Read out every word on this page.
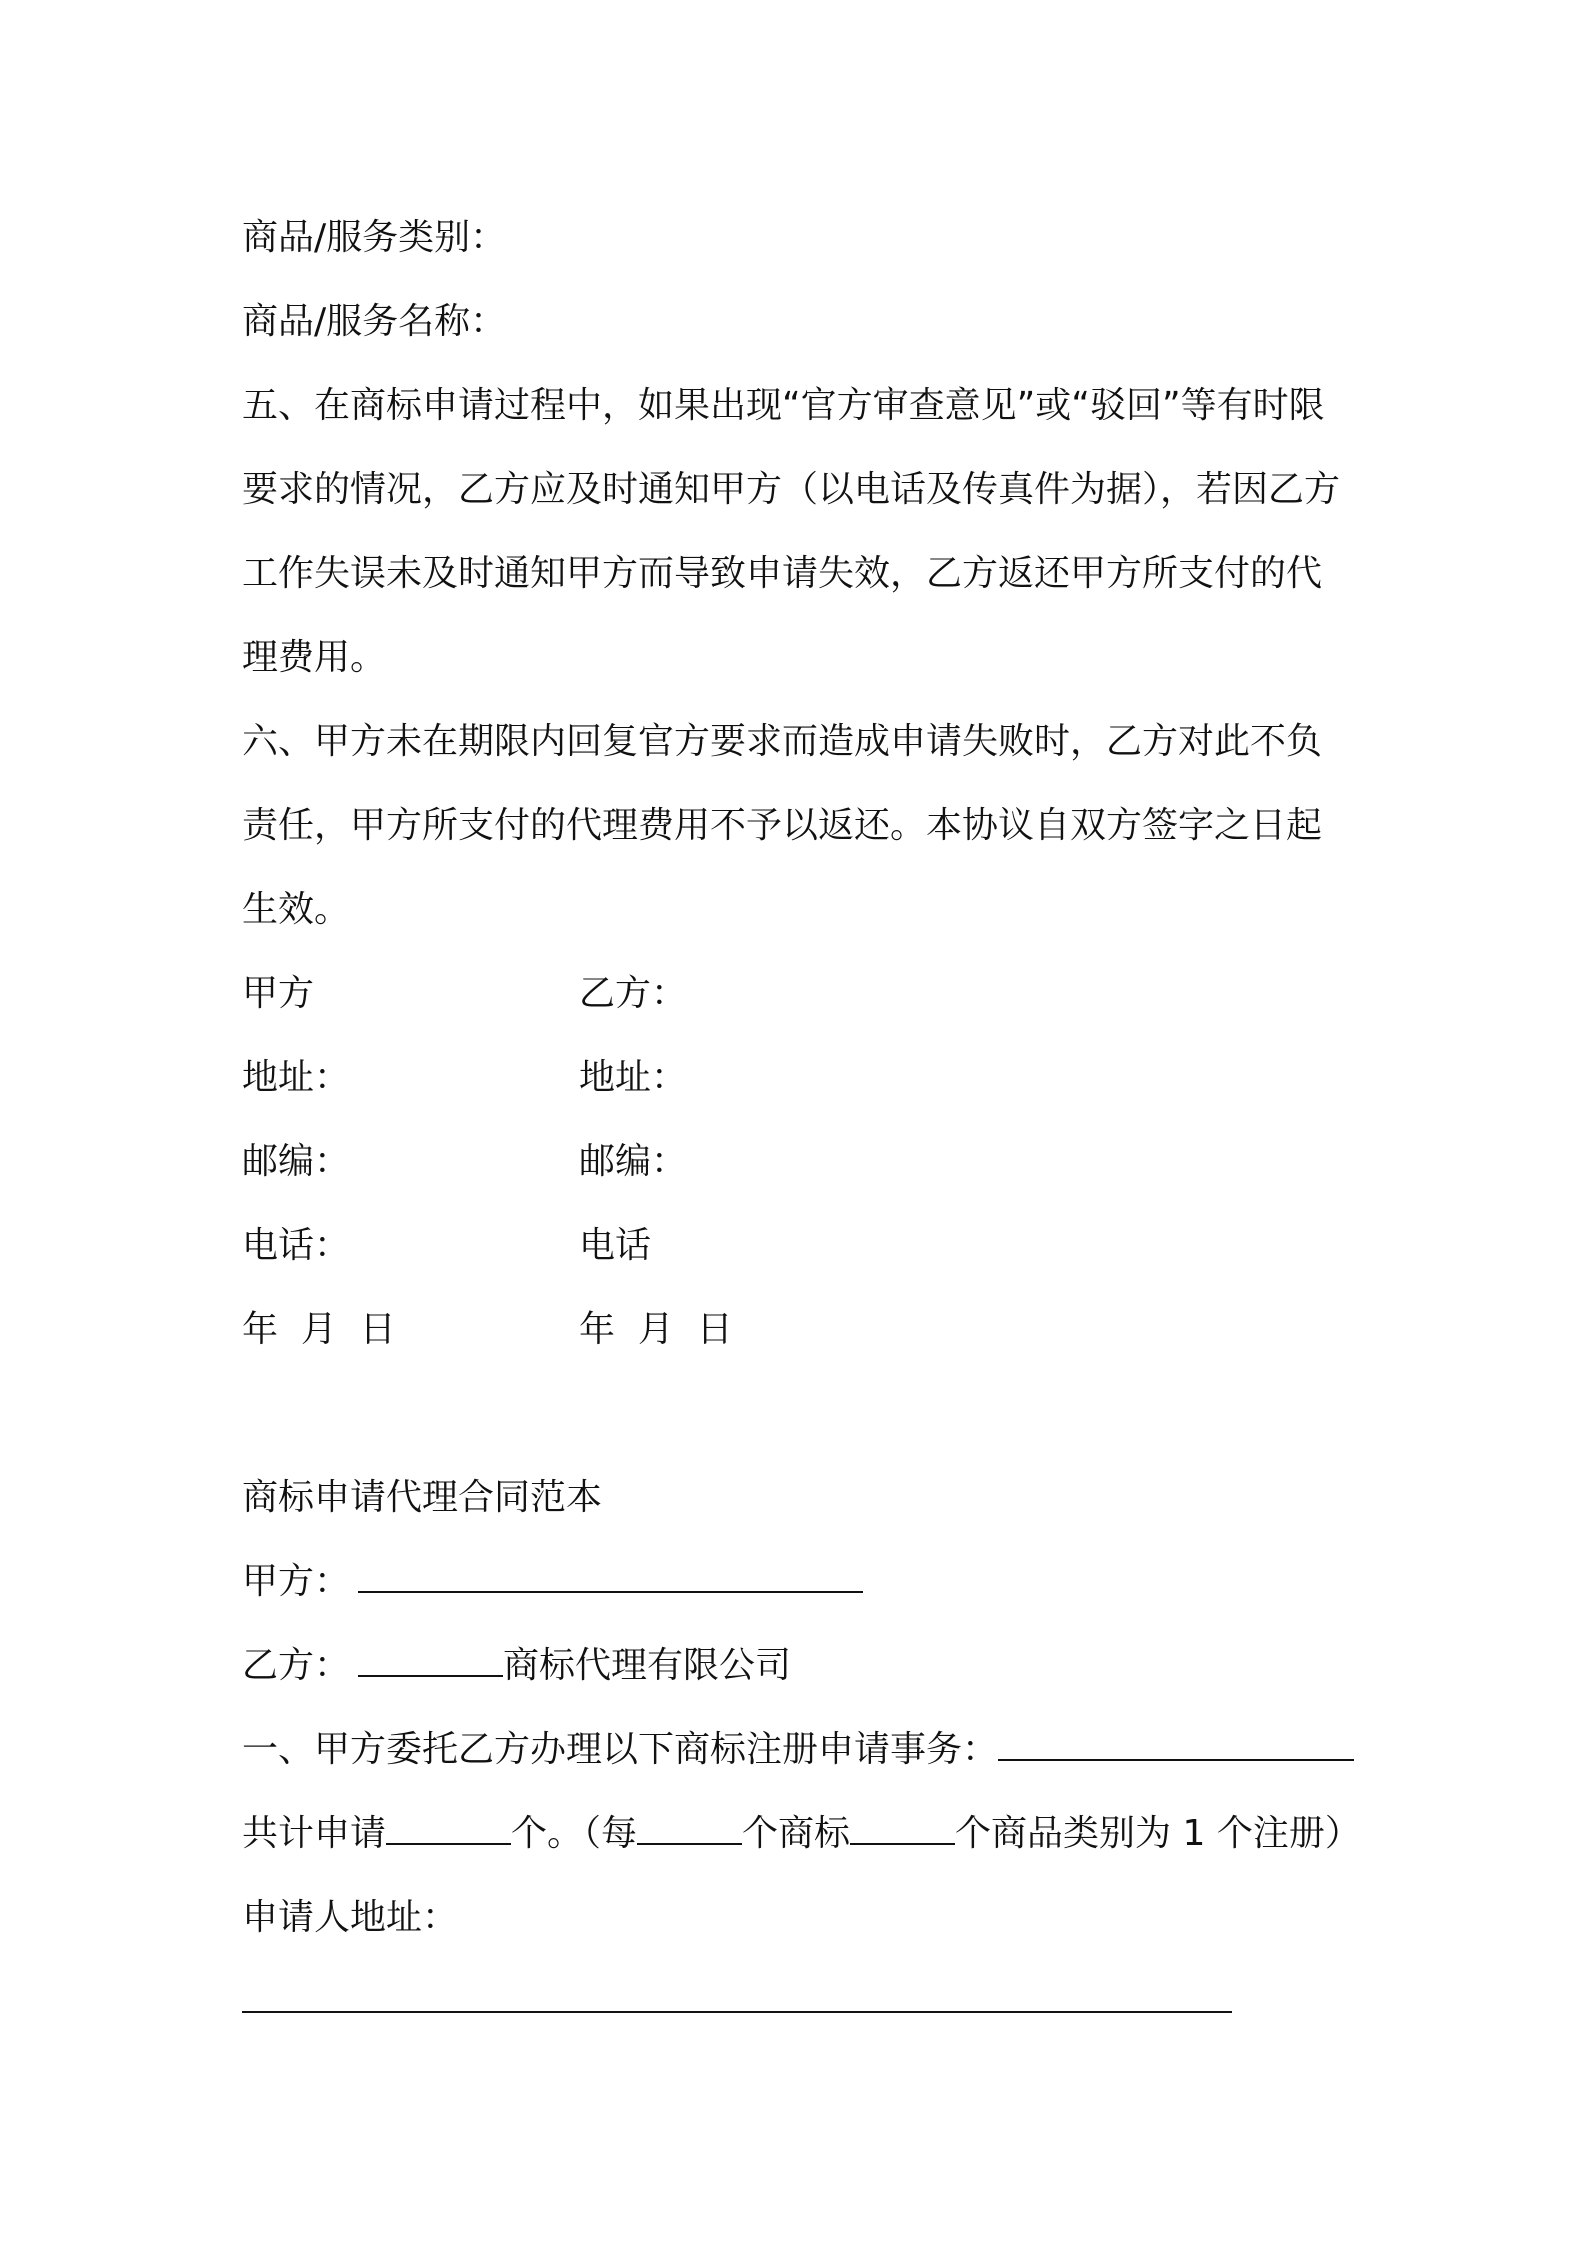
商品/服务类别：
商品/服务名称：
五、在商标申请过程中，如果出现“官方审查意见”或“驳回”等有时限要求的情况，乙方应及时通知甲方（以电话及传真件为据），若因乙方工作失误未及时通知甲方而导致申请失效，乙方返还甲方所支付的代理费用。
六、甲方未在期限内回复官方要求而造成申请失败时，乙方对此不负责任，甲方所支付的代理费用不予以返还。本协议自双方签字之日起生效。
甲方	乙方：
地址：	地址：
邮编：	邮编：
电话：	电话
年  月  日	年  月  日
商标申请代理合同范本
甲方：
乙方：	商标代理有限公司
一、甲方委托乙方办理以下商标注册申请事务：
共计申请	个。（每	个商标	个商品类别为 1 个注册）
申请人地址：
